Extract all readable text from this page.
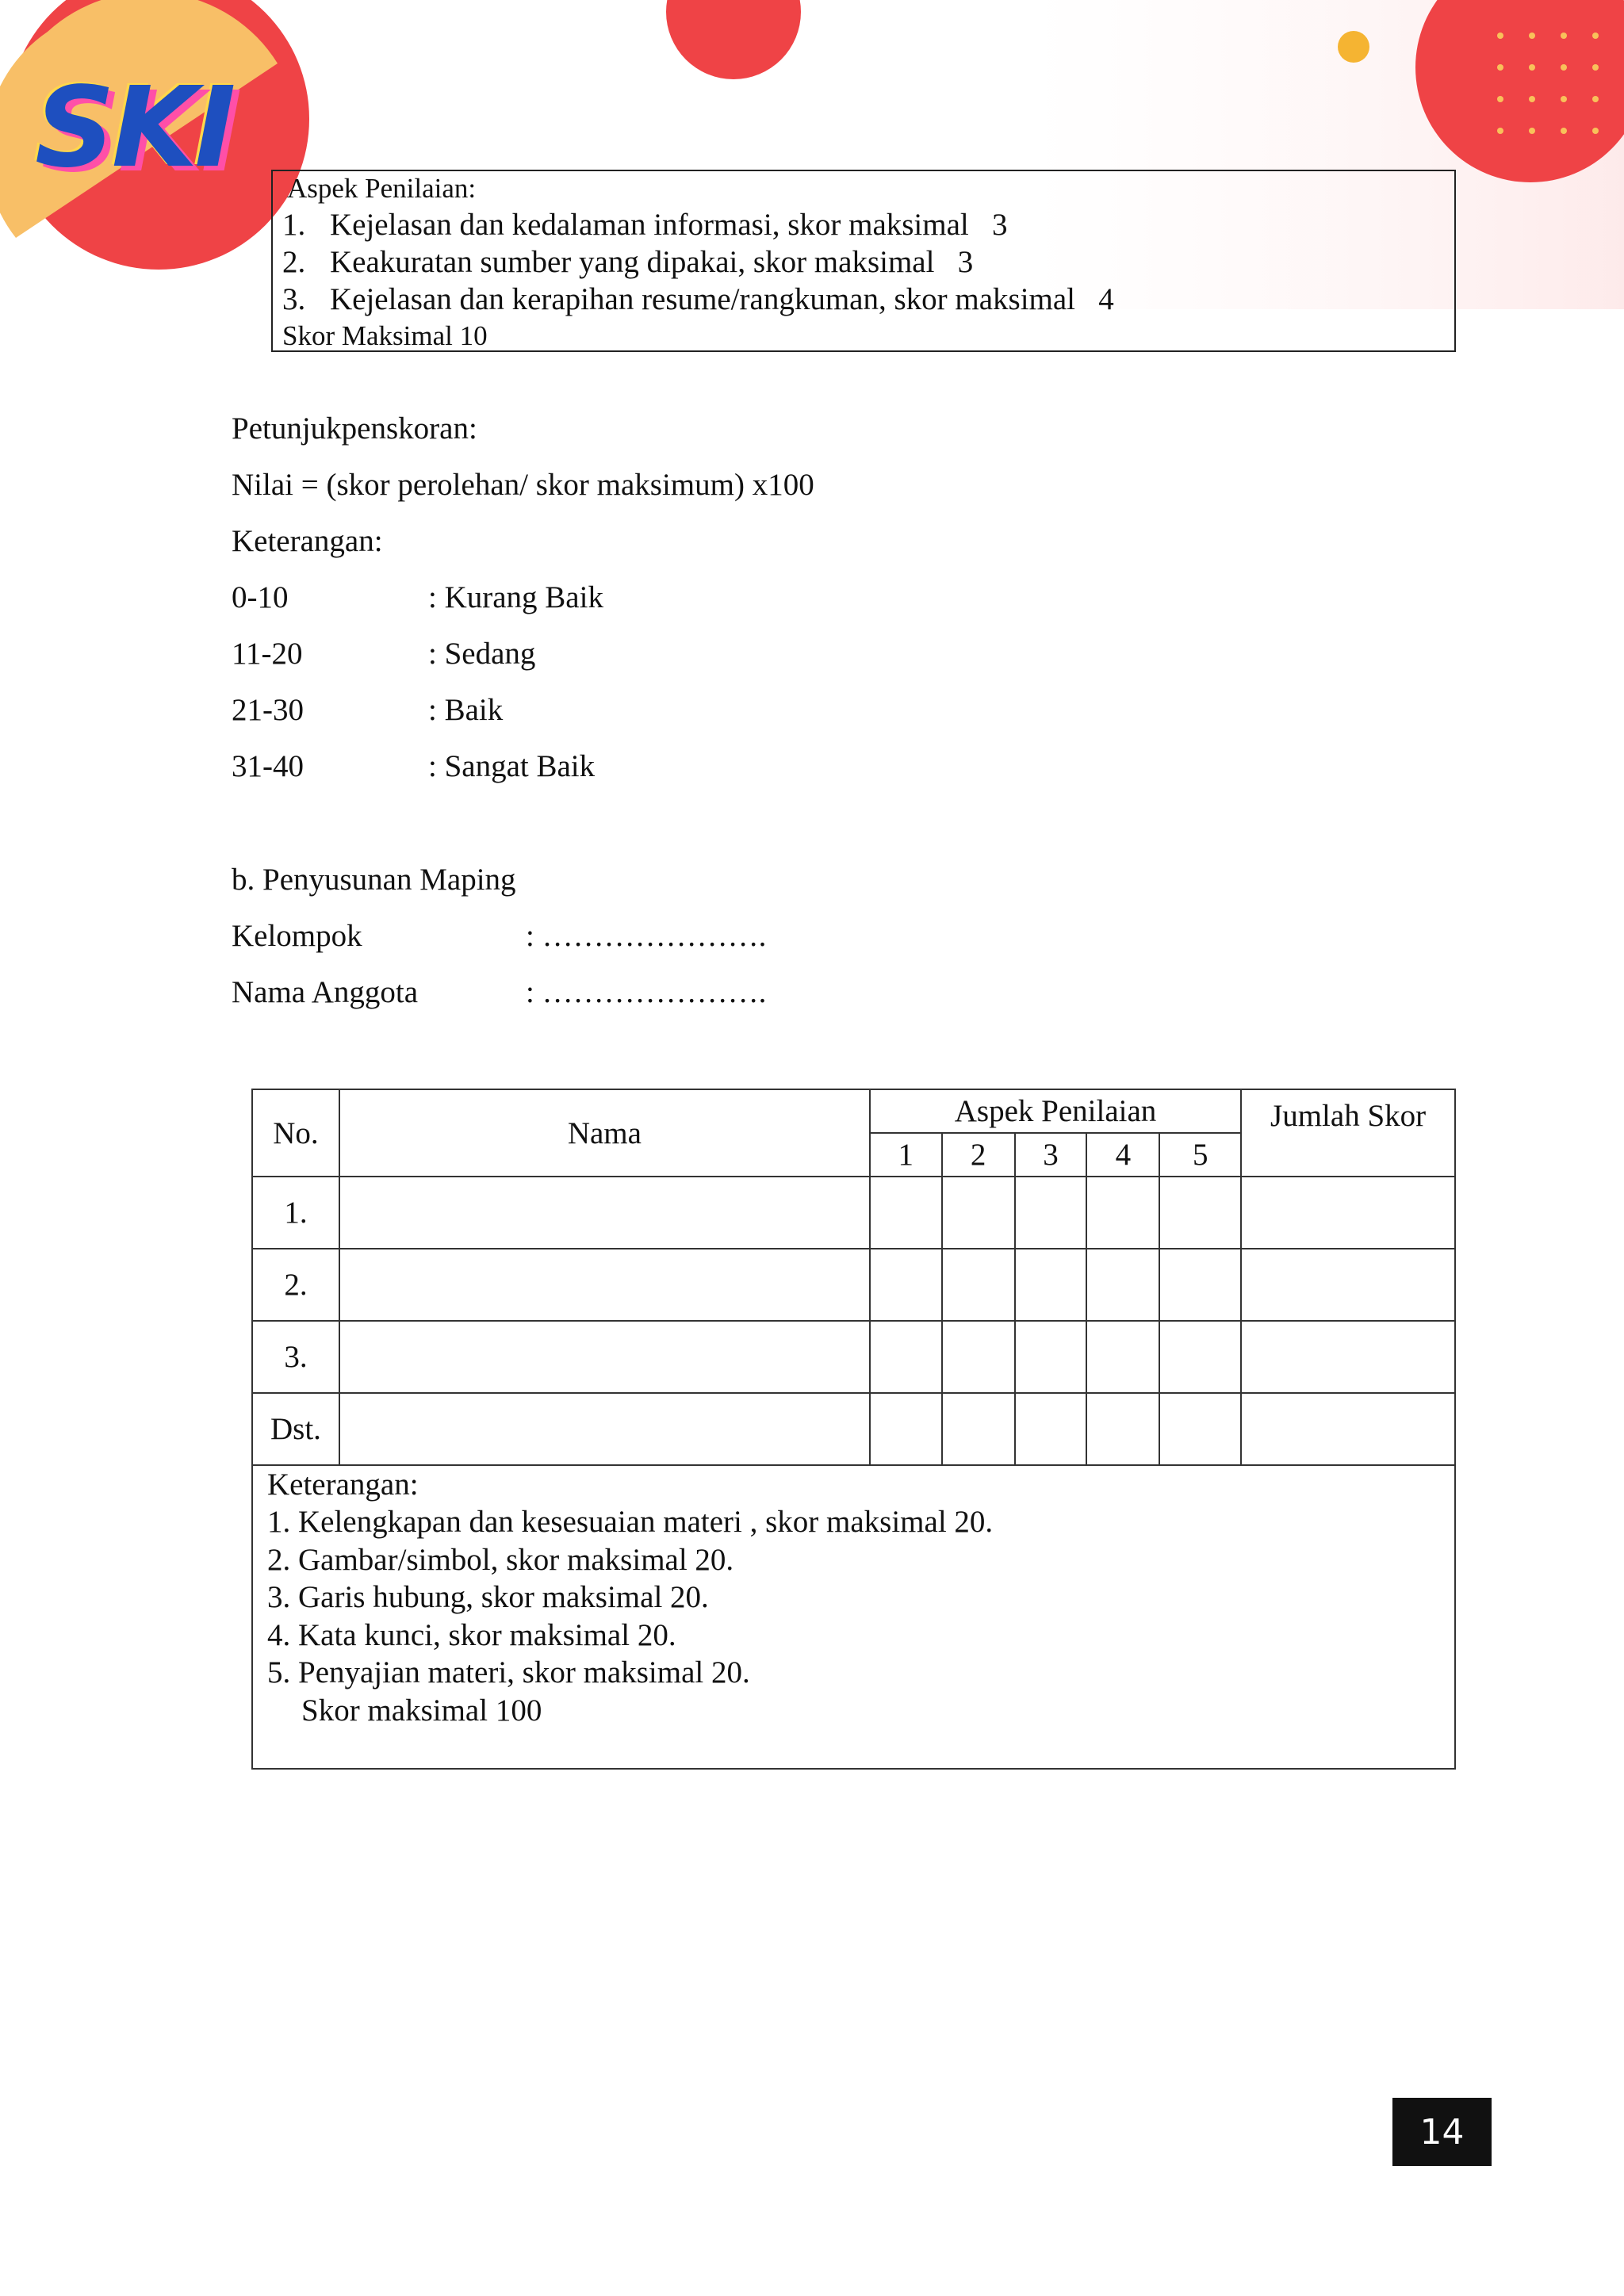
SKI Aspek Penilaian:
1. Kejelasan dan kedalaman informasi, skor maksimal 3
2. Keakuratan sumber yang dipakai, skor maksimal 3
3. Kejelasan dan kerapihan resume/rangkuman, skor maksimal 4
Skor Maksimal 10
Petunjukpenskoran:
Nilai = (skor perolehan/ skor maksimum) x100
Keterangan:
0-10	: Kurang Baik
11-20	: Sedang
21-30	: Baik
31-40	: Sangat Baik
b. Penyusunan Maping
Kelompok	: ………………….
Nama Anggota	: ………………….
No.	Nama	Aspek Penilaian					Jumlah Skor
		1	2	3	4	5	
1.							
2.							
3.							
Dst.							
Keterangan:
1. Kelengkapan dan kesesuaian materi , skor maksimal 20.
2. Gambar/simbol, skor maksimal 20.
3. Garis hubung, skor maksimal 20.
4. Kata kunci, skor maksimal 20.
5. Penyajian materi, skor maksimal 20.
Skor maksimal 100
14
